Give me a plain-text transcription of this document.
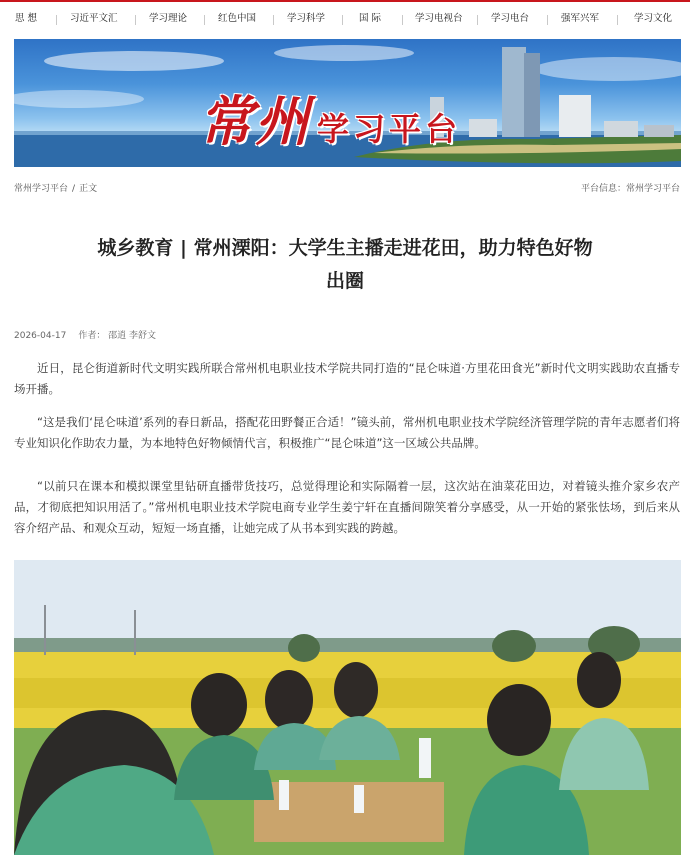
思 想	习近平文汇	学习理论	红色中国	学习科学	国 际	学习电视台	学习电台	强军兴军	学习文化
常州 学习平台
常州学习平台 / 正文	平台信息：常州学习平台
城乡教育 | 常州溧阳：大学生主播走进花田，助力特色好物
出圈
2026-04-17 作者： 邵逍 李舒文

近日，昆仑街道新时代文明实践所联合常州机电职业技术学院共同打造的“昆仑味道·方里花田食光”新时代文明实践助农直播专场开播。

“这是我们‘昆仑味道’系列的春日新品，搭配花田野餐正合适！”镜头前，常州机电职业技术学院经济管理学院的青年志愿者们将专业知识化作助农力量，为本地特色好物倾情代言，积极推广“昆仑味道”这一区域公共品牌。

“以前只在课本和模拟课堂里钻研直播带货技巧，总觉得理论和实际隔着一层，这次站在油菜花田边，对着镜头推介家乡农产品，才彻底把知识用活了。”常州机电职业技术学院电商专业学生姜宁轩在直播间隙笑着分享感受，从一开始的紧张怯场，到后来从容介绍产品、和观众互动，短短一场直播，让她完成了从书本到实践的跨越。
